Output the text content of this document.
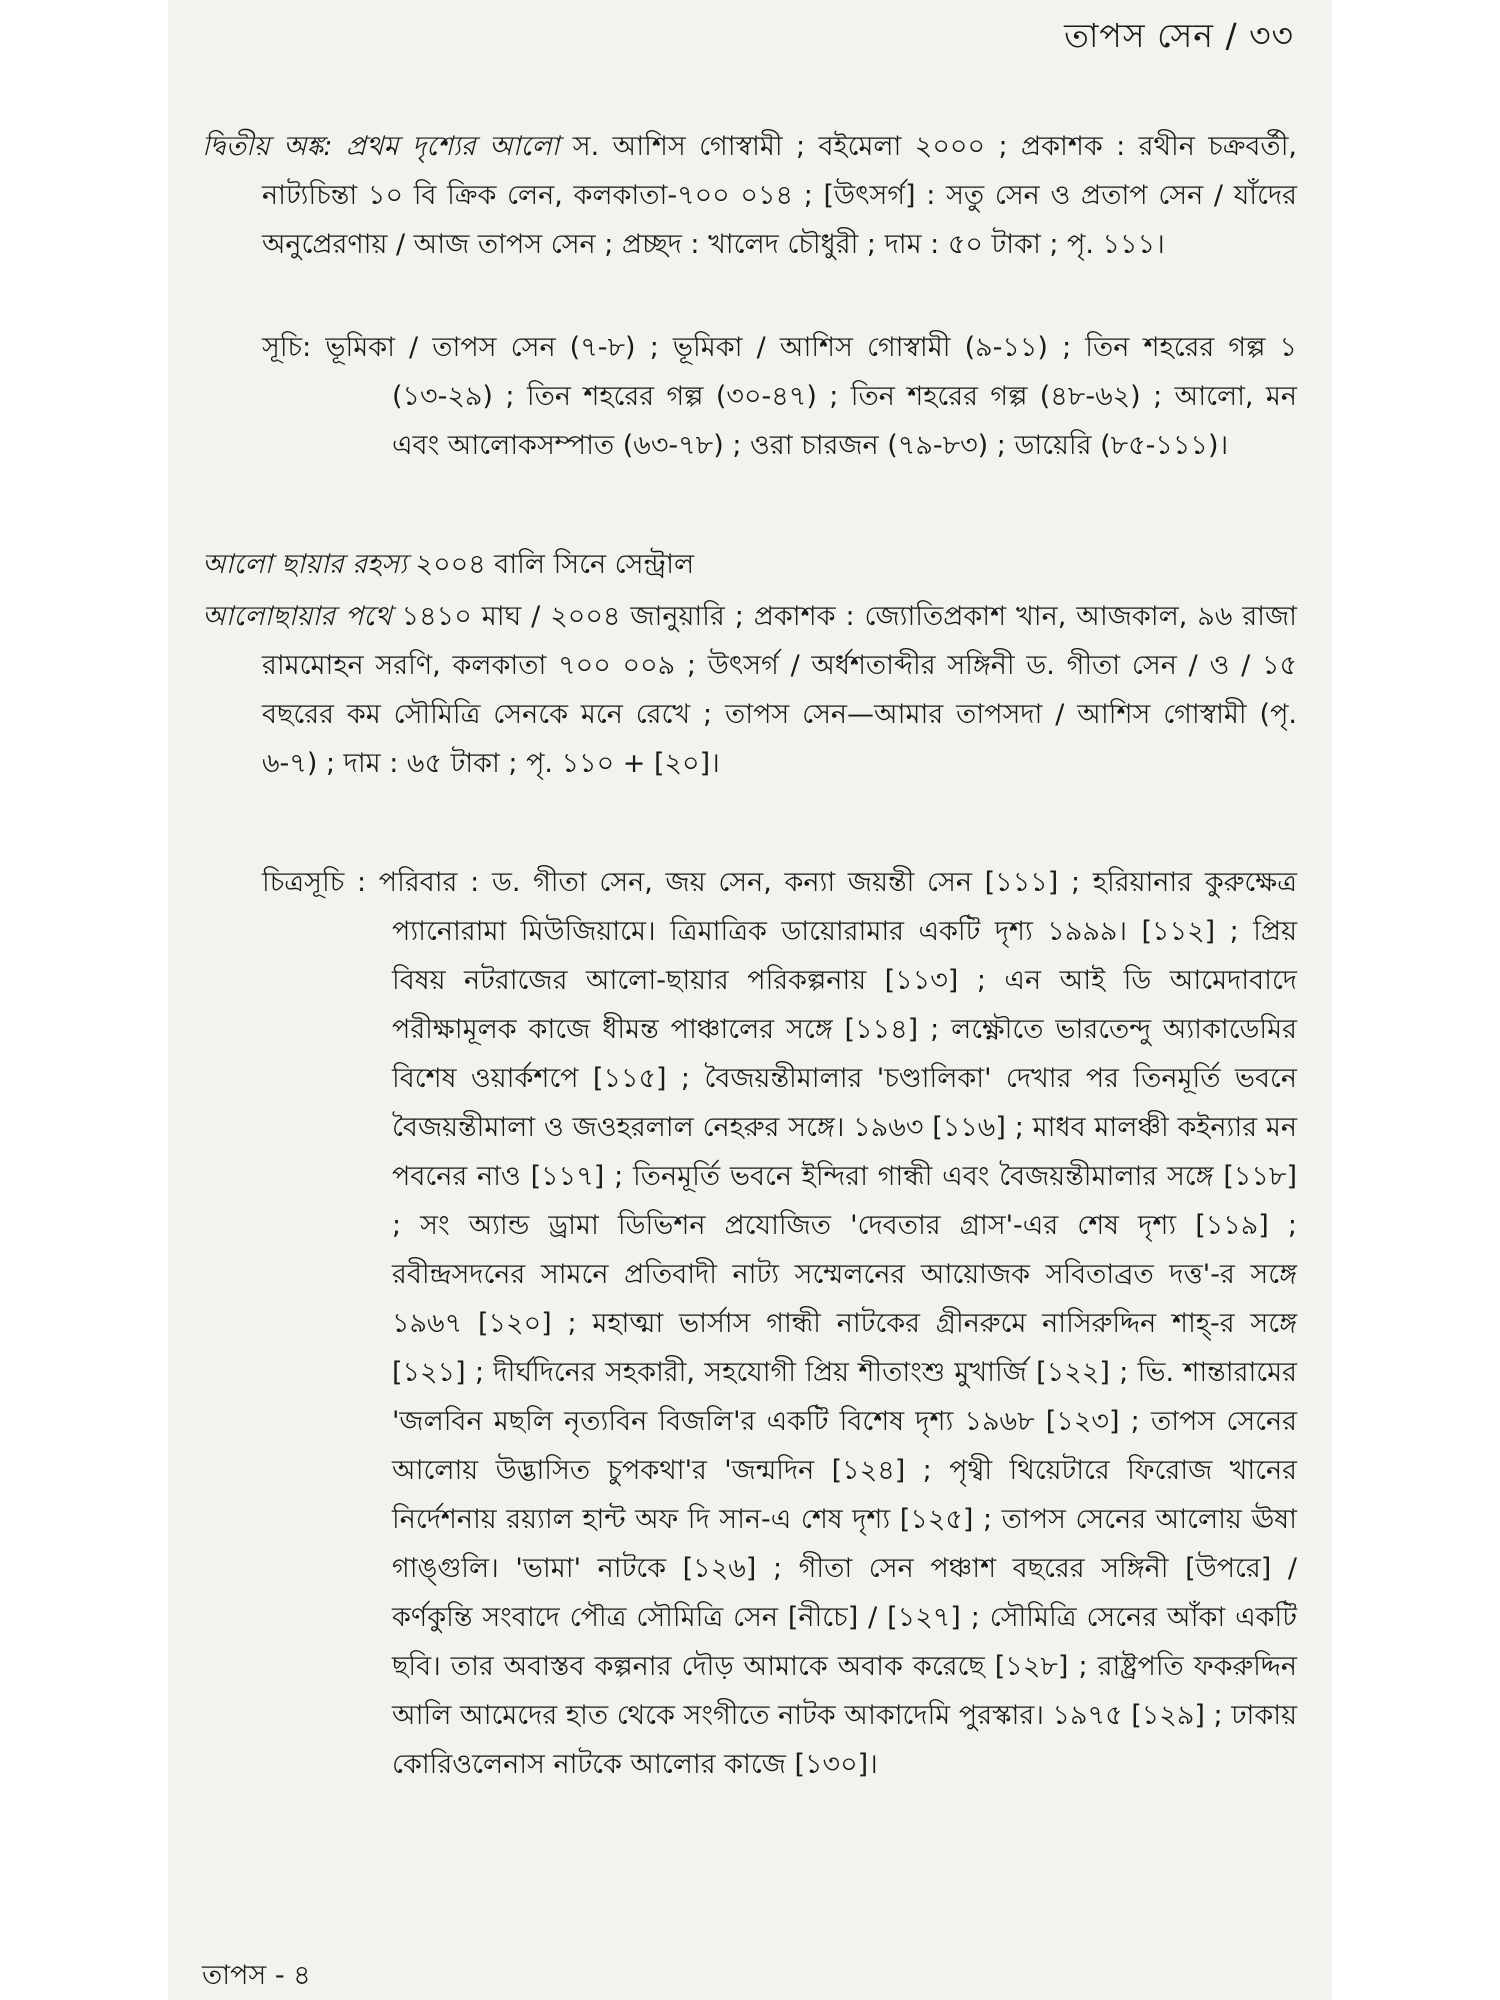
তাপস সেন / ৩৩
দ্বিতীয় অঙ্ক: প্রথম দৃশ্যের আলো স. আশিস গোস্বামী ; বইমেলা ২০০০ ; প্রকাশক : রথীন চক্রবর্তী, নাট্যচিন্তা ১০ বি ক্রিক লেন, কলকাতা-৭০০ ০১৪ ; [উৎসর্গ] : সতু সেন ও প্রতাপ সেন / যাঁদের অনুপ্রেরণায় / আজ তাপস সেন ; প্রচ্ছদ : খালেদ চৌধুরী ; দাম : ৫০ টাকা ; পৃ. ১১১।
সূচি: ভূমিকা / তাপস সেন (৭-৮) ; ভূমিকা / আশিস গোস্বামী (৯-১১) ; তিন শহরের গল্প ১ (১৩-২৯) ; তিন শহরের গল্প (৩০-৪৭) ; তিন শহরের গল্প (৪৮-৬২) ; আলো, মন এবং আলোকসম্পাত (৬৩-৭৮) ; ওরা চারজন (৭৯-৮৩) ; ডায়েরি (৮৫-১১১)।
আলো ছায়ার রহস্য ২০০৪ বালি সিনে সেন্ট্রাল
আলোছায়ার পথে ১৪১০ মাঘ / ২০০৪ জানুয়ারি ; প্রকাশক : জ্যোতিপ্রকাশ খান, আজকাল, ৯৬ রাজা রামমোহন সরণি, কলকাতা ৭০০ ০০৯ ; উৎসর্গ / অর্ধশতাব্দীর সঙ্গিনী ড. গীতা সেন / ও / ১৫ বছরের কম সৌমিত্রি সেনকে মনে রেখে ; তাপস সেন—আমার তাপসদা / আশিস গোস্বামী (পৃ. ৬-৭) ; দাম : ৬৫ টাকা ; পৃ. ১১০ + [২০]।
চিত্রসূচি : পরিবার : ড. গীতা সেন, জয় সেন, কন্যা জয়ন্তী সেন [১১১] ; হরিয়ানার কুরুক্ষেত্র প্যানোরামা মিউজিয়ামে। ত্রিমাত্রিক ডায়োরামার একটি দৃশ্য ১৯৯৯। [১১২] ; প্রিয় বিষয় নটরাজের আলো-ছায়ার পরিকল্পনায় [১১৩] ; এন আই ডি আমেদাবাদে পরীক্ষামূলক কাজে ধীমন্ত পাঞ্চালের সঙ্গে [১১৪] ; লক্ষ্ণৌতে ভারতেন্দু অ্যাকাডেমির বিশেষ ওয়ার্কশপে [১১৫] ; বৈজয়ন্তীমালার 'চণ্ডালিকা' দেখার পর তিনমূর্তি ভবনে বৈজয়ন্তীমালা ও জওহরলাল নেহরুর সঙ্গে। ১৯৬৩ [১১৬] ; মাধব মালঞ্চী কইন্যার মন পবনের নাও [১১৭] ; তিনমূর্তি ভবনে ইন্দিরা গান্ধী এবং বৈজয়ন্তীমালার সঙ্গে [১১৮] ; সং অ্যান্ড ড্রামা ডিভিশন প্রযোজিত 'দেবতার গ্রাস'-এর শেষ দৃশ্য [১১৯] ; রবীন্দ্রসদনের সামনে প্রতিবাদী নাট্য সম্মেলনের আয়োজক সবিতাব্রত দত্ত'-র সঙ্গে ১৯৬৭ [১২০] ; মহাত্মা ভার্সাস গান্ধী নাটকের গ্রীনরুমে নাসিরুদ্দিন শাহ্-র সঙ্গে [১২১] ; দীর্ঘদিনের সহকারী, সহযোগী প্রিয় শীতাংশু মুখার্জি [১২২] ; ভি. শান্তারামের 'জলবিন মছলি নৃত্যবিন বিজলি'র একটি বিশেষ দৃশ্য ১৯৬৮ [১২৩] ; তাপস সেনের আলোয় উদ্ভাসিত চুপকথা'র 'জন্মদিন [১২৪] ; পৃথ্বী থিয়েটারে ফিরোজ খানের নির্দেশনায় রয়্যাল হান্ট অফ দি সান-এ শেষ দৃশ্য [১২৫] ; তাপস সেনের আলোয় ঊষা গাঙ্গুলি। 'ভামা' নাটকে [১২৬] ; গীতা সেন পঞ্চাশ বছরের সঙ্গিনী [উপরে] / কর্ণকুন্তি সংবাদে পৌত্র সৌমিত্রি সেন [নীচে] / [১২৭] ; সৌমিত্রি সেনের আঁকা একটি ছবি। তার অবাস্তব কল্পনার দৌড় আমাকে অবাক করেছে [১২৮] ; রাষ্ট্রপতি ফকরুদ্দিন আলি আমেদের হাত থেকে সংগীতে নাটক আকাদেমি পুরস্কার। ১৯৭৫ [১২৯] ; ঢাকায় কোরিওলেনাস নাটকে আলোর কাজে [১৩০]।
তাপস - ৪
